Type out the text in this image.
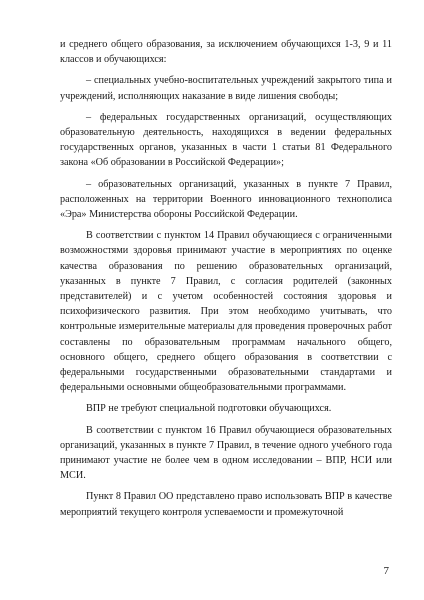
и среднего общего образования, за исключением обучающихся 1-3, 9 и 11 классов и обучающихся:

– специальных учебно-воспитательных учреждений закрытого типа и учреждений, исполняющих наказание в виде лишения свободы;

– федеральных государственных организаций, осуществляющих образовательную деятельность, находящихся в ведении федеральных государственных органов, указанных в части 1 статьи 81 Федерального закона «Об образовании в Российской Федерации»;

– образовательных организаций, указанных в пункте 7 Правил, расположенных на территории Военного инновационного технополиса «Эра» Министерства обороны Российской Федерации.

В соответствии с пунктом 14 Правил обучающиеся с ограниченными возможностями здоровья принимают участие в мероприятиях по оценке качества образования по решению образовательных организаций, указанных в пункте 7 Правил, с согласия родителей (законных представителей) и с учетом особенностей состояния здоровья и психофизического развития. При этом необходимо учитывать, что контрольные измерительные материалы для проведения проверочных работ составлены по образовательным программам начального общего, основного общего, среднего общего образования в соответствии с федеральными государственными образовательными стандартами и федеральными основными общеобразовательными программами.

ВПР не требуют специальной подготовки обучающихся.

В соответствии с пунктом 16 Правил обучающиеся образовательных организаций, указанных в пункте 7 Правил, в течение одного учебного года принимают участие не более чем в одном исследовании – ВПР, НСИ или МСИ.

Пункт 8 Правил ОО представлено право использовать ВПР в качестве мероприятий текущего контроля успеваемости и промежуточной

7
